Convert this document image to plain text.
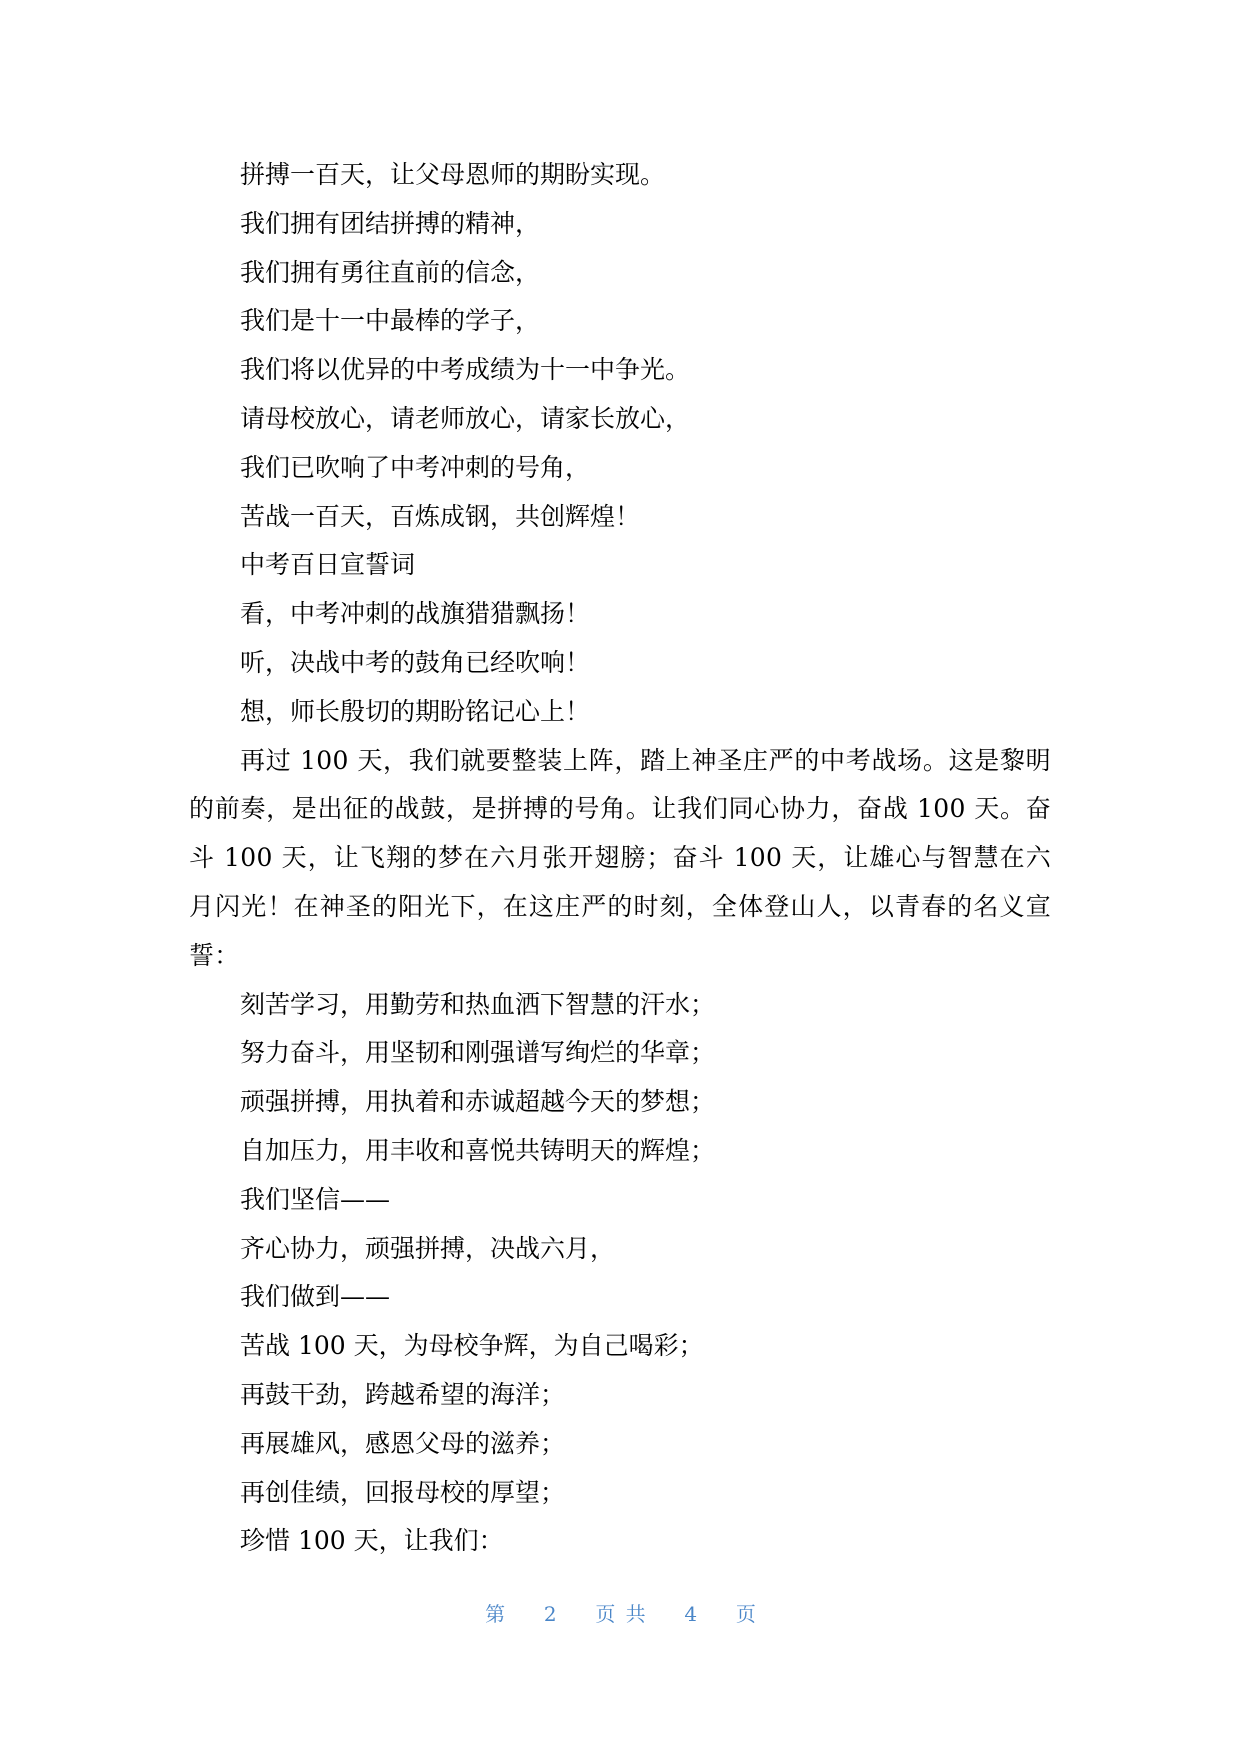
拼搏一百天，让父母恩师的期盼实现。
我们拥有团结拼搏的精神，
我们拥有勇往直前的信念，
我们是十一中最棒的学子，
我们将以优异的中考成绩为十一中争光。
请母校放心，请老师放心，请家长放心，
我们已吹响了中考冲刺的号角，
苦战一百天，百炼成钢，共创辉煌！
中考百日宣誓词
看，中考冲刺的战旗猎猎飘扬！
听，决战中考的鼓角已经吹响！
想，师长殷切的期盼铭记心上！
再过 100 天，我们就要整装上阵，踏上神圣庄严的中考战场。这是黎明的前奏，是出征的战鼓，是拼搏的号角。让我们同心协力，奋战 100 天。奋斗 100 天，让飞翔的梦在六月张开翅膀；奋斗 100 天，让雄心与智慧在六月闪光！在神圣的阳光下，在这庄严的时刻，全体登山人，以青春的名义宣誓：
刻苦学习，用勤劳和热血洒下智慧的汗水；
努力奋斗，用坚韧和刚强谱写绚烂的华章；
顽强拼搏，用执着和赤诚超越今天的梦想；
自加压力，用丰收和喜悦共铸明天的辉煌；
我们坚信——
齐心协力，顽强拼搏，决战六月，
我们做到——
苦战 100 天，为母校争辉，为自己喝彩；
再鼓干劲，跨越希望的海洋；
再展雄风，感恩父母的滋养；
再创佳绩，回报母校的厚望；
珍惜 100 天，让我们：
第 2 页 共 4 页
